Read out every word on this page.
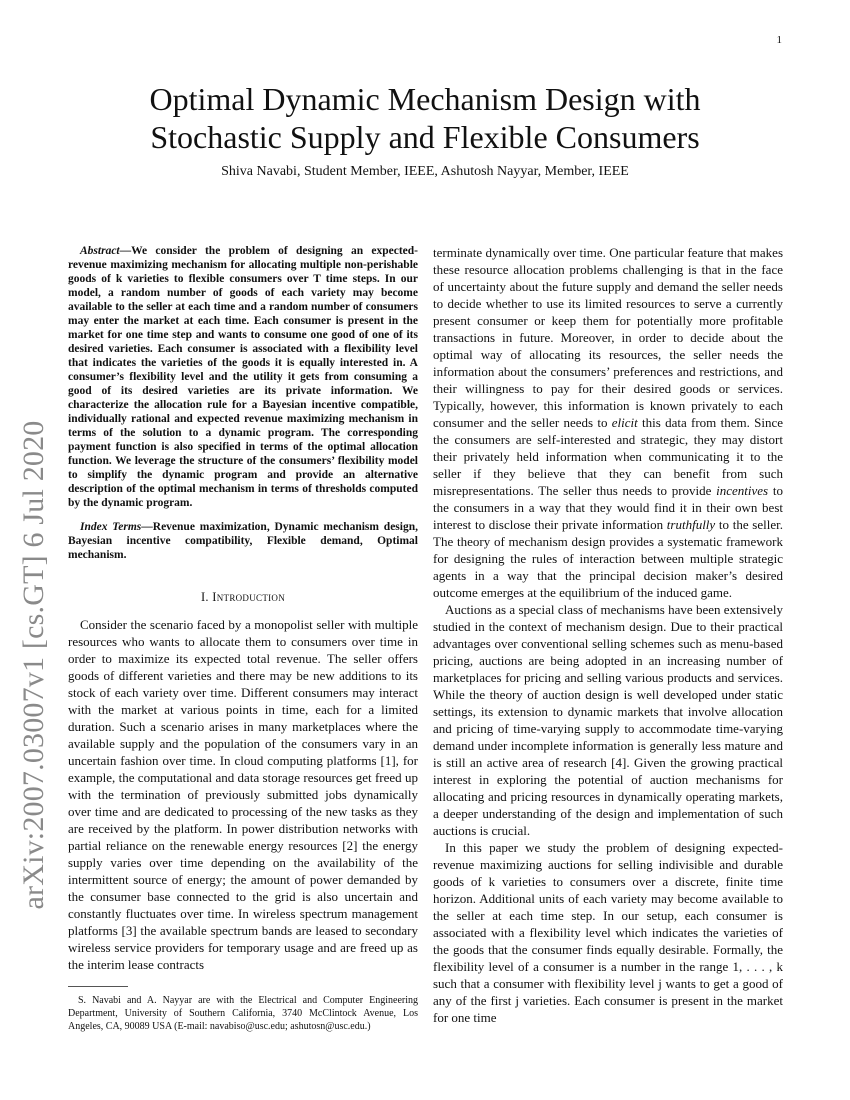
1
arXiv:2007.03007v1 [cs.GT] 6 Jul 2020
Optimal Dynamic Mechanism Design with
Stochastic Supply and Flexible Consumers
Shiva Navabi, Student Member, IEEE, Ashutosh Nayyar, Member, IEEE

Abstract—We consider the problem of designing an expected-revenue maximizing mechanism for allocating multiple non-perishable goods of k varieties to flexible consumers over T time steps. In our model, a random number of goods of each variety may become available to the seller at each time and a random number of consumers may enter the market at each time. Each consumer is present in the market for one time step and wants to consume one good of one of its desired varieties. Each consumer is associated with a flexibility level that indicates the varieties of the goods it is equally interested in. A consumer’s flexibility level and the utility it gets from consuming a good of its desired varieties are its private information. We characterize the allocation rule for a Bayesian incentive compatible, individually rational and expected revenue maximizing mechanism in terms of the solution to a dynamic program. The corresponding payment function is also specified in terms of the optimal allocation function. We leverage the structure of the consumers’ flexibility model to simplify the dynamic program and provide an alternative description of the optimal mechanism in terms of thresholds computed by the dynamic program.

Index Terms—Revenue maximization, Dynamic mechanism design, Bayesian incentive compatibility, Flexible demand, Optimal mechanism.

I. Introduction

Consider the scenario faced by a monopolist seller with multiple resources who wants to allocate them to consumers over time in order to maximize its expected total revenue. The seller offers goods of different varieties and there may be new additions to its stock of each variety over time. Different consumers may interact with the market at various points in time, each for a limited duration. Such a scenario arises in many marketplaces where the available supply and the population of the consumers vary in an uncertain fashion over time. In cloud computing platforms [1], for example, the computational and data storage resources get freed up with the termination of previously submitted jobs dynamically over time and are dedicated to processing of the new tasks as they are received by the platform. In power distribution networks with partial reliance on the renewable energy resources [2] the energy supply varies over time depending on the availability of the intermittent source of energy; the amount of power demanded by the consumer base connected to the grid is also uncertain and constantly fluctuates over time. In wireless spectrum management platforms [3] the available spectrum bands are leased to secondary wireless service providers for temporary usage and are freed up as the interim lease contracts

S. Navabi and A. Nayyar are with the Electrical and Computer Engineering Department, University of Southern California, 3740 McClintock Avenue, Los Angeles, CA, 90089 USA (E-mail: navabiso@usc.edu; ashutosn@usc.edu.)

terminate dynamically over time. One particular feature that makes these resource allocation problems challenging is that in the face of uncertainty about the future supply and demand the seller needs to decide whether to use its limited resources to serve a currently present consumer or keep them for potentially more profitable transactions in future. Moreover, in order to decide about the optimal way of allocating its resources, the seller needs the information about the consumers’ preferences and restrictions, and their willingness to pay for their desired goods or services. Typically, however, this information is known privately to each consumer and the seller needs to elicit this data from them. Since the consumers are self-interested and strategic, they may distort their privately held information when communicating it to the seller if they believe that they can benefit from such misrepresentations. The seller thus needs to provide incentives to the consumers in a way that they would find it in their own best interest to disclose their private information truthfully to the seller. The theory of mechanism design provides a systematic framework for designing the rules of interaction between multiple strategic agents in a way that the principal decision maker’s desired outcome emerges at the equilibrium of the induced game.

Auctions as a special class of mechanisms have been extensively studied in the context of mechanism design. Due to their practical advantages over conventional selling schemes such as menu-based pricing, auctions are being adopted in an increasing number of marketplaces for pricing and selling various products and services. While the theory of auction design is well developed under static settings, its extension to dynamic markets that involve allocation and pricing of time-varying supply to accommodate time-varying demand under incomplete information is generally less mature and is still an active area of research [4]. Given the growing practical interest in exploring the potential of auction mechanisms for allocating and pricing resources in dynamically operating markets, a deeper understanding of the design and implementation of such auctions is crucial.

In this paper we study the problem of designing expected-revenue maximizing auctions for selling indivisible and durable goods of k varieties to consumers over a discrete, finite time horizon. Additional units of each variety may become available to the seller at each time step. In our setup, each consumer is associated with a flexibility level which indicates the varieties of the goods that the consumer finds equally desirable. Formally, the flexibility level of a consumer is a number in the range 1, . . . , k such that a consumer with flexibility level j wants to get a good of any of the first j varieties. Each consumer is present in the market for one time
